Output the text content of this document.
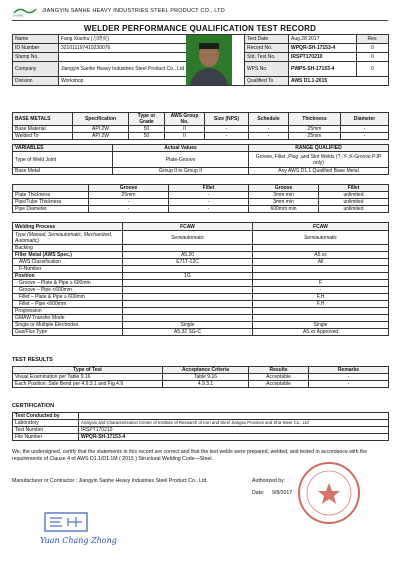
SANHE
JIANGYIN SANHE HEAVY INDUSTRIES STEEL PRODUCT CO., LTD
WELDER PERFORMANCE QUALIFICATION TEST RECORD
Name	Fang Xiaohu (方晓虎)		Test Date	Aug.28 2017	Rev.
ID Number	321011197410230076		Record No.	WPQR-SH-17153-4	0
Stamp No.			Std. Test No.	IRSPT170210	0
Company	Jiangyin Sanhe Heavy Industries Steel Product Co., Ltd		WPS No.	PWPS-SH-17153-4	0
Division	Workshop		Qualified To	AWS D1.1-2015	
BASE METALS	Specification	Type or Grade	AWS Group No.	Size (NPS)	Schedule	Thickness	Diameter
Base Material	API 2W	50	II	-	-	25mm	-
Welded To	API 2W	50	II	-	-	25mm	-
VARIABLES	Actual Values	RANGE QUALIFIED
Type of Weld Joint	Plate-Groove	Groove, Fillet ,Plug ,and Slot Welds (T-,Y-,K-Groove PJP only)
Base Metal	Group II to Group II	Any AWS D1.1 Qualified Base Metal
	Groove	Fillet	Groove	Fillet
Plate Thickness	25mm	-	3mm min	unlimited
Pipe/Tube Thickness	-	-	3mm min	unlimited
Pipe Diameter	-	-	600mm min	unlimited
Welding Process	FCAW	FCAW
Type (Manual, Semiautomatic, Mechanized, Automatic)	Semiautomatic	Semiautomatic
Backing		
Filler Metal (AWS Spec.)	A5.20	A5.xx
AWS Classification	E71T-12C	All
F-Number		
Position	1G	
Groove – Plate & Pipe ≥ 600mm		F
Groove – Pipe <600mm		-
Fillet – Plate & Pipe ≥ 600mm		F,H
Fillet – Pipe <600mm		F,H
Progression		
GMAW Transfer Mode		
Single or Multiple Electrodes	Single	Single
Gas/Flux Type	A5.32 SG-C	A5.xx Approved
TEST RESULTS
Type of Test	Acceptance Criteria	Results	Remarks
Visual Examination per Table 9.16	Table 9.16	Acceptable	-
Each Position: Side Bend per 4.9.3.1 and Fig.4.9	4.9.3.1	Acceptable	-
CERTIFICATION
Test Conducted by	
Laboratory	Analysis and Characterization Center of Institute of Research of Iron and Steel Jiangsu Province and Sha-Steel Co., Ltd
Test Number	IRSPT170210
File Number	WPQR-SH-17153-4
We, the undersigned, certify that the statements in this record are correct and that the test welds were prepared, welded, and tested in accordance with the requirements of Clause 4 of AWS D1.1/D1.1M ( 2015 ) Structural Welding Code—Steel.
Manufacturer or Contractor : Jiangyin Sanhe Heavy Industries Steel Product Co., Ltd.	Authorized by:
Date: 9/8/2017
Yuan Chang Zhong
